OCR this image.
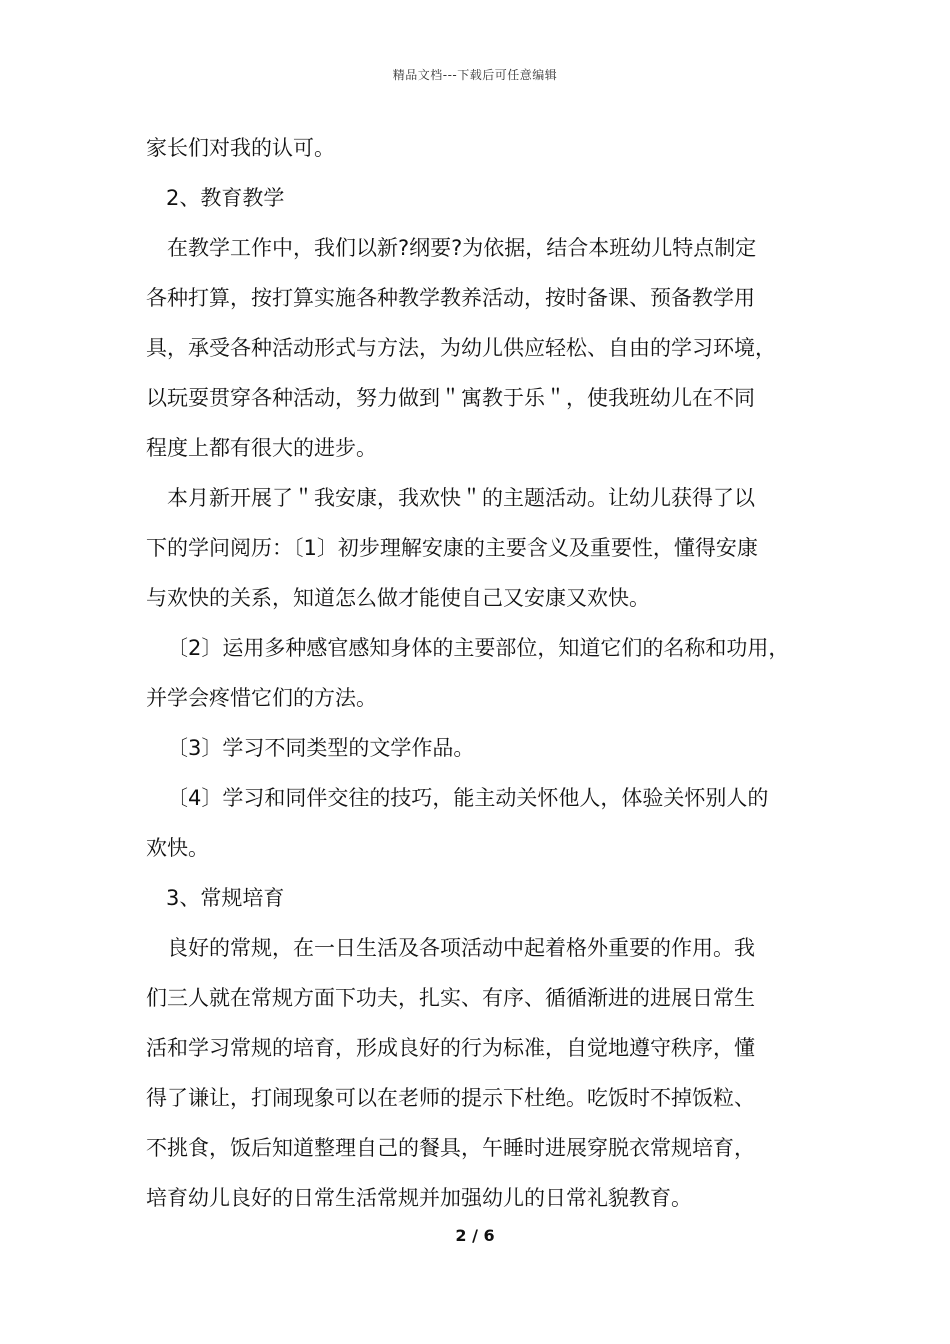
精品文档---下载后可任意编辑
家长们对我的认可。
2、教育教学
在教学工作中，我们以新?纲要?为依据，结合本班幼儿特点制定
各种打算，按打算实施各种教学教养活动，按时备课、预备教学用
具，承受各种活动形式与方法，为幼儿供应轻松、自由的学习环境，
以玩耍贯穿各种活动，努力做到＂寓教于乐＂，使我班幼儿在不同
程度上都有很大的进步。
本月新开展了＂我安康，我欢快＂的主题活动。让幼儿获得了以
下的学问阅历：〔1〕初步理解安康的主要含义及重要性，懂得安康
与欢快的关系，知道怎么做才能使自己又安康又欢快。
〔2〕运用多种感官感知身体的主要部位，知道它们的名称和功用，
并学会疼惜它们的方法。
〔3〕学习不同类型的文学作品。
〔4〕学习和同伴交往的技巧，能主动关怀他人，体验关怀别人的
欢快。
3、常规培育
良好的常规，在一日生活及各项活动中起着格外重要的作用。我
们三人就在常规方面下功夫，扎实、有序、循循渐进的进展日常生
活和学习常规的培育，形成良好的行为标准，自觉地遵守秩序，懂
得了谦让，打闹现象可以在老师的提示下杜绝。吃饭时不掉饭粒、
不挑食，饭后知道整理自己的餐具，午睡时进展穿脱衣常规培育，
培育幼儿良好的日常生活常规并加强幼儿的日常礼貌教育。
2 / 6
